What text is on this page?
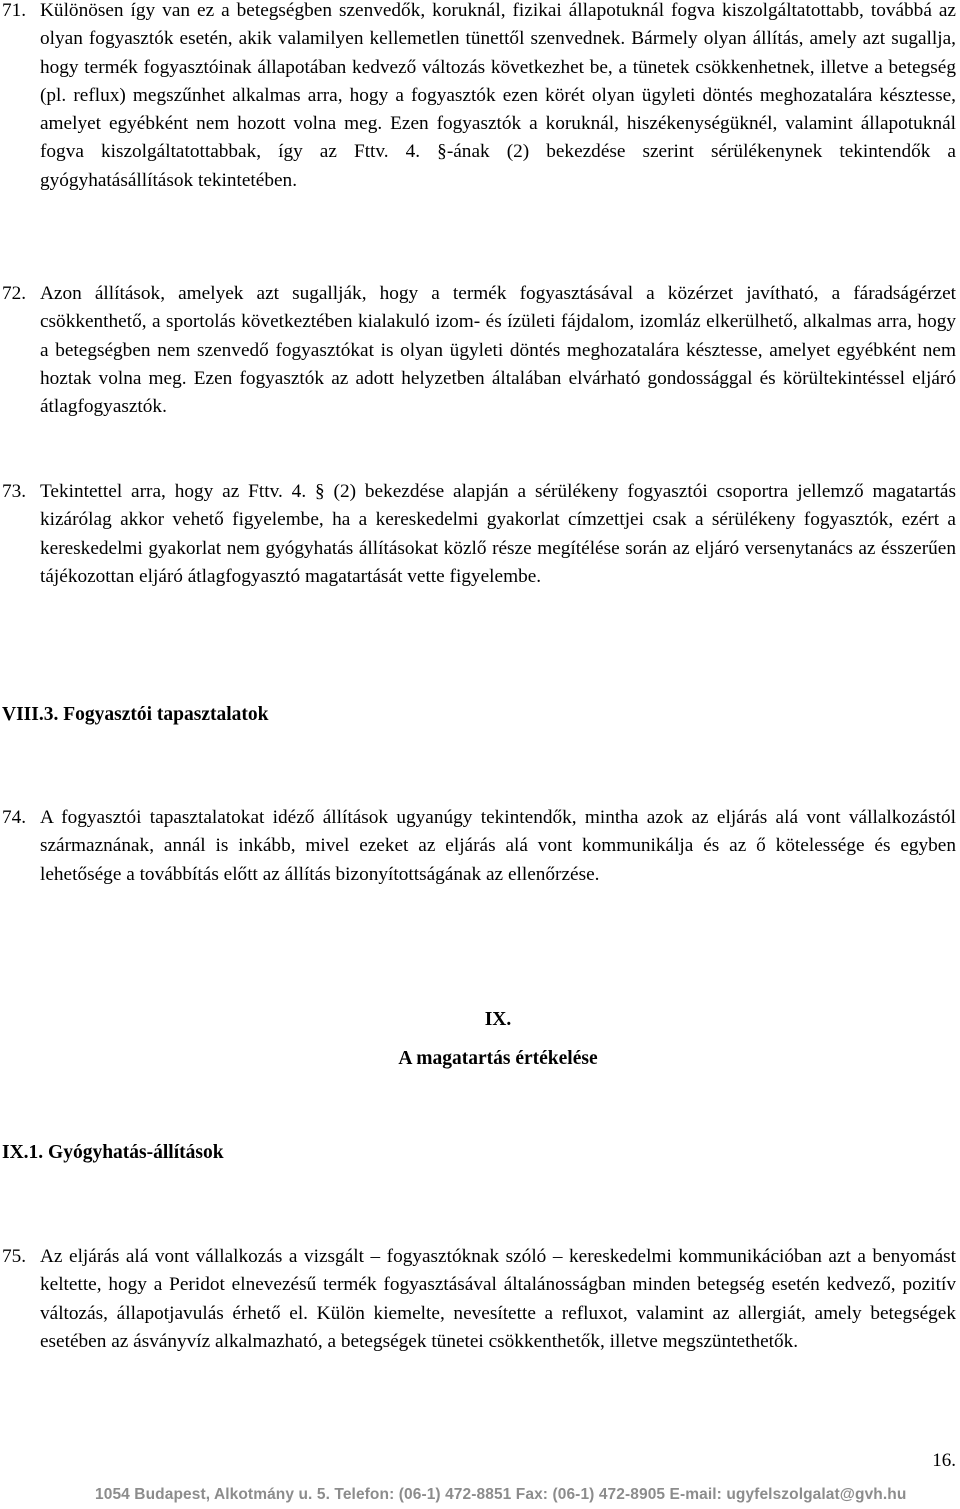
71. Különösen így van ez a betegségben szenvedők, koruknál, fizikai állapotuknál fogva kiszolgáltatottabb, továbbá az olyan fogyasztók esetén, akik valamilyen kellemetlen tünettől szenvednek. Bármely olyan állítás, amely azt sugallja, hogy termék fogyasztóinak állapotában kedvező változás következhet be, a tünetek csökkenhetnek, illetve a betegség (pl. reflux) megszűnhet alkalmas arra, hogy a fogyasztók ezen körét olyan ügyleti döntés meghozatalára késztesse, amelyet egyébként nem hozott volna meg. Ezen fogyasztók a koruknál, hiszékenységüknél, valamint állapotuknál fogva kiszolgáltatottabbak, így az Fttv. 4. §-ának (2) bekezdése szerint sérülékenynek tekintendők a gyógyhatásállítások tekintetében.

72. Azon állítások, amelyek azt sugallják, hogy a termék fogyasztásával a közérzet javítható, a fáradságérzet csökkenthető, a sportolás következtében kialakuló izom- és ízületi fájdalom, izomláz elkerülhető, alkalmas arra, hogy a betegségben nem szenvedő fogyasztókat is olyan ügyleti döntés meghozatalára késztesse, amelyet egyébként nem hoztak volna meg. Ezen fogyasztók az adott helyzetben általában elvárható gondossággal és körültekintéssel eljáró átlagfogyasztók.

73. Tekintettel arra, hogy az Fttv. 4. § (2) bekezdése alapján a sérülékeny fogyasztói csoportra jellemző magatartás kizárólag akkor vehető figyelembe, ha a kereskedelmi gyakorlat címzettjei csak a sérülékeny fogyasztók, ezért a kereskedelmi gyakorlat nem gyógyhatás állításokat közlő része megítélése során az eljáró versenytanács az ésszerűen tájékozottan eljáró átlagfogyasztó magatartását vette figyelembe.

VIII.3. Fogyasztói tapasztalatok

74. A fogyasztói tapasztalatokat idéző állítások ugyanúgy tekintendők, mintha azok az eljárás alá vont vállalkozástól származnának, annál is inkább, mivel ezeket az eljárás alá vont kommunikálja és az ő kötelessége és egyben lehetősége a továbbítás előtt az állítás bizonyítottságának az ellenőrzése.

IX.
A magatartás értékelése
IX.1. Gyógyhatás-állítások

75. Az eljárás alá vont vállalkozás a vizsgált – fogyasztóknak szóló – kereskedelmi kommunikációban azt a benyomást keltette, hogy a Peridot elnevezésű termék fogyasztásával általánosságban minden betegség esetén kedvező, pozitív változás, állapotjavulás érhető el. Külön kiemelte, nevesítette a refluxot, valamint az allergiát, amely betegségek esetében az ásványvíz alkalmazható, a betegségek tünetei csökkenthetők, illetve megszüntethetők.

16.
1054 Budapest, Alkotmány u. 5. Telefon: (06-1) 472-8851 Fax: (06-1) 472-8905 E-mail: ugyfelszolgalat@gvh.hu
